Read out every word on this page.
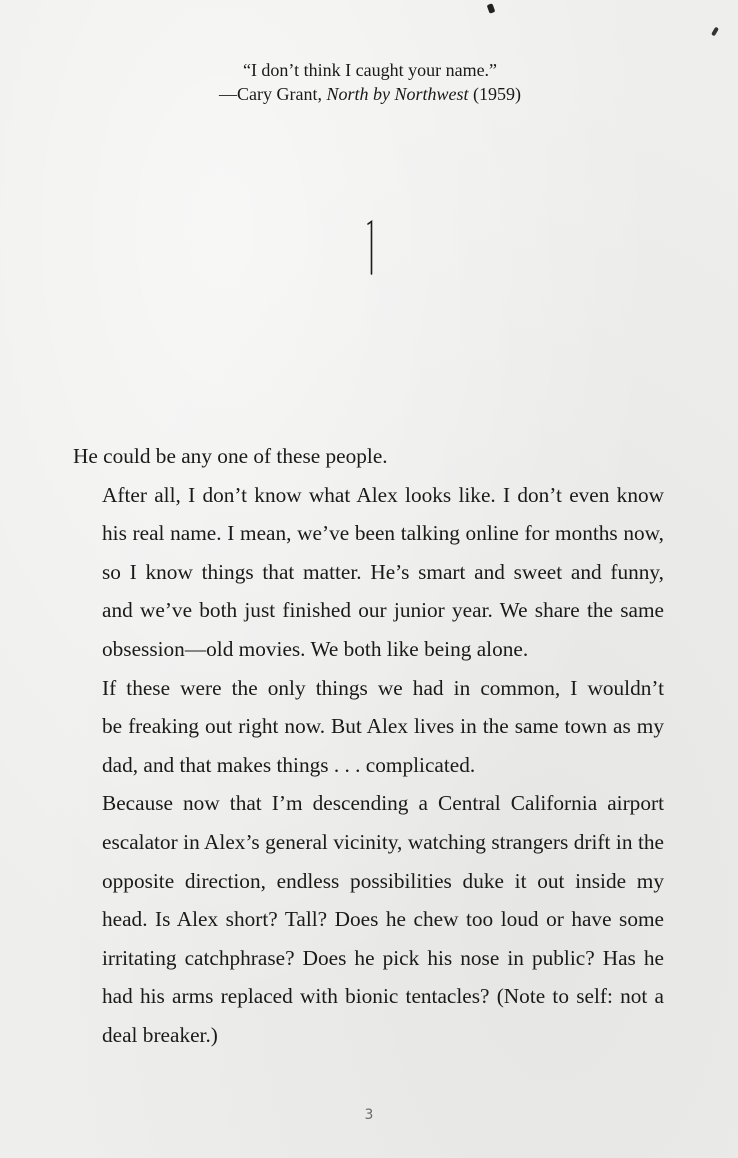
“I don’t think I caught your name.”
—Cary Grant, North by Northwest (1959)

He could be any one of these people.

After all, I don’t know what Alex looks like. I don’t even know
his real name. I mean, we’ve been talking online for months now,
so I know things that matter. He’s smart and sweet and funny,
and we’ve both just finished our junior year. We share the same
obsession—old movies. We both like being alone.

If these were the only things we had in common, I wouldn’t
be freaking out right now. But Alex lives in the same town as my
dad, and that makes things . . . complicated.

Because now that I’m descending a Central California airport
escalator in Alex’s general vicinity, watching strangers drift in the
opposite direction, endless possibilities duke it out inside my
head. Is Alex short? Tall? Does he chew too loud or have some
irritating catchphrase? Does he pick his nose in public? Has he
had his arms replaced with bionic tentacles? (Note to self: not a
deal breaker.)

3
